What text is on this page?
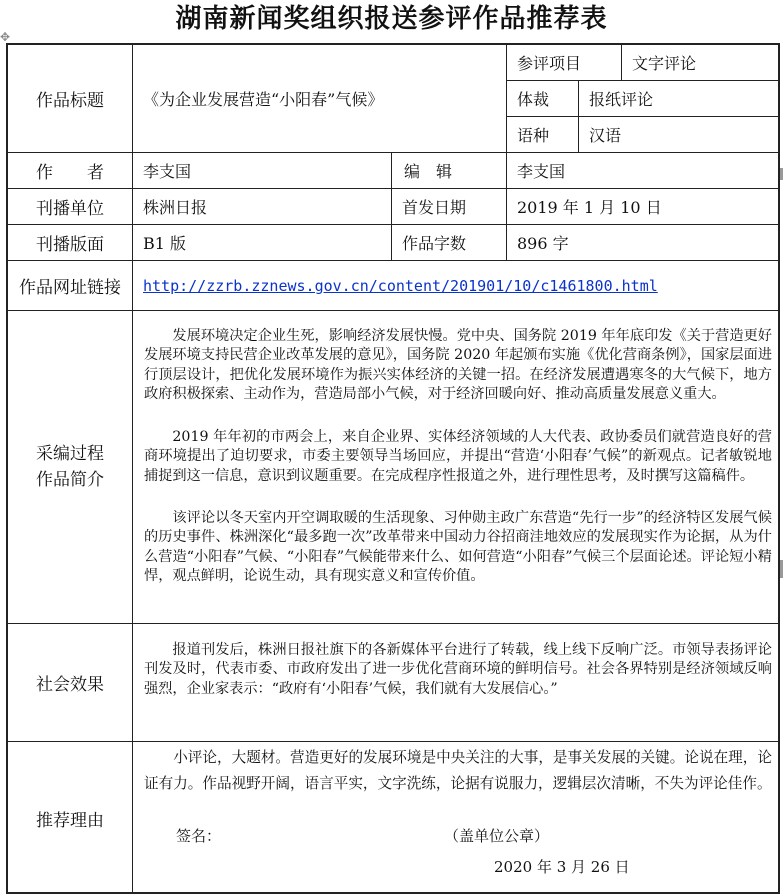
湖南新闻奖组织报送参评作品推荐表
✥
作品标题	《为企业发展营造“小阳春”气候》
参评项目	文字评论
体裁	报纸评论
语种	汉语
作　　者	李支国	编　辑	李支国
刊播单位	株洲日报	首发日期	2019 年 1 月 10 日
刊播版面	B1 版	作品字数	896 字
作品网址链接	http://zzrb.zznews.gov.cn/content/201901/10/c1461800.html
采编过程
作品简介

发展环境决定企业生死，影响经济发展快慢。党中央、国务院 2019 年年底印发《关于营造更好发展环境支持民营企业改革发展的意见》，国务院 2020 年起颁布实施《优化营商条例》，国家层面进行顶层设计，把优化发展环境作为振兴实体经济的关键一招。在经济发展遭遇寒冬的大气候下，地方政府积极探索、主动作为，营造局部小气候，对于经济回暖向好、推动高质量发展意义重大。

2019 年年初的市两会上，来自企业界、实体经济领域的人大代表、政协委员们就营造良好的营商环境提出了迫切要求，市委主要领导当场回应，并提出“营造‘小阳春’气候”的新观点。记者敏锐地捕捉到这一信息，意识到议题重要。在完成程序性报道之外，进行理性思考，及时撰写这篇稿件。

该评论以冬天室内开空调取暖的生活现象、习仲勋主政广东营造“先行一步”的经济特区发展气候的历史事件、株洲深化“最多跑一次”改革带来中国动力谷招商洼地效应的发展现实作为论据，从为什么营造“小阳春”气候、“小阳春”气候能带来什么、如何营造“小阳春”气候三个层面论述。评论短小精悍，观点鲜明，论说生动，具有现实意义和宣传价值。

社会效果

报道刊发后，株洲日报社旗下的各新媒体平台进行了转载，线上线下反响广泛。市领导表扬评论刊发及时，代表市委、市政府发出了进一步优化营商环境的鲜明信号。社会各界特别是经济领域反响强烈，企业家表示：“政府有‘小阳春’气候，我们就有大发展信心。”

推荐理由

小评论，大题材。营造更好的发展环境是中央关注的大事，是事关发展的关键。论说在理，论证有力。作品视野开阔，语言平实，文字洗练，论据有说服力，逻辑层次清晰，不失为评论佳作。

签名：	（盖单位公章）
2020 年 3 月 26 日
